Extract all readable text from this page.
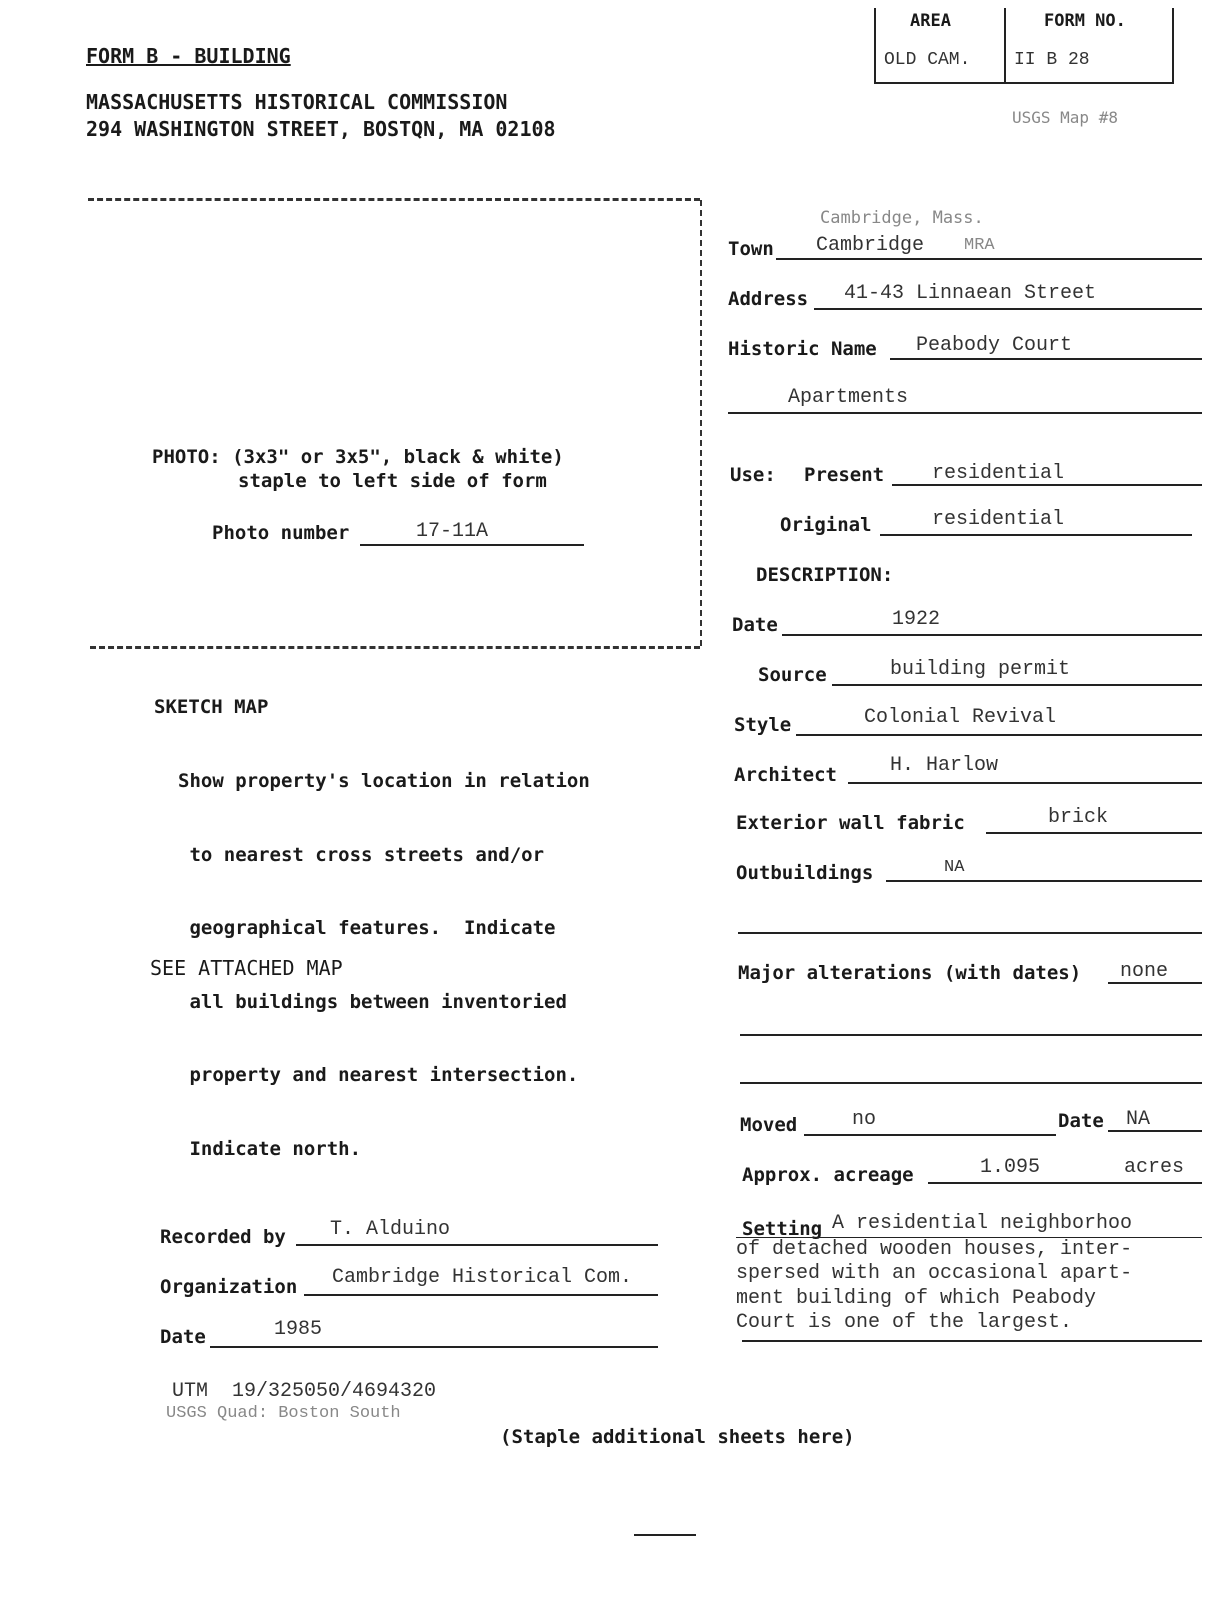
FORM B - BUILDING
MASSACHUSETTS HISTORICAL COMMISSION
294 WASHINGTON STREET, BOSTQN, MA 02108
AREA	FORM NO.
OLD CAM. II B 28
USGS Map #8
PHOTO: (3x3" or 3x5", black & white)
staple to left side of form
Photo number	17-11A
SKETCH MAP

Show property's location in relation

to nearest cross streets and/or

geographical features.  Indicate

all buildings between inventoried

property and nearest intersection.

Indicate north.

SEE ATTACHED MAP
Cambridge, Mass.
Town Cambridge MRA
Address 41-43 Linnaean Street
Historic Name Peabody Court
Apartments
Use: Present residential
Original	residential
DESCRIPTION:
Date	1922
Source	building permit
Style	Colonial Revival
Architect	H. Harlow
Exterior wall fabric	brick
Outbuildings	NA
Major alterations (with dates) none
Moved	no	Date NA
Approx. acreage	1.095	acres
Setting A residential neighborhoo
of detached wooden houses, inter-
spersed with an occasional apart-
ment building of which Peabody
Court is one of the largest.
Recorded by T. Alduino
Organization Cambridge Historical Com.
Date	1985
UTM  19/325050/4694320
USGS Quad: Boston South
(Staple additional sheets here)
